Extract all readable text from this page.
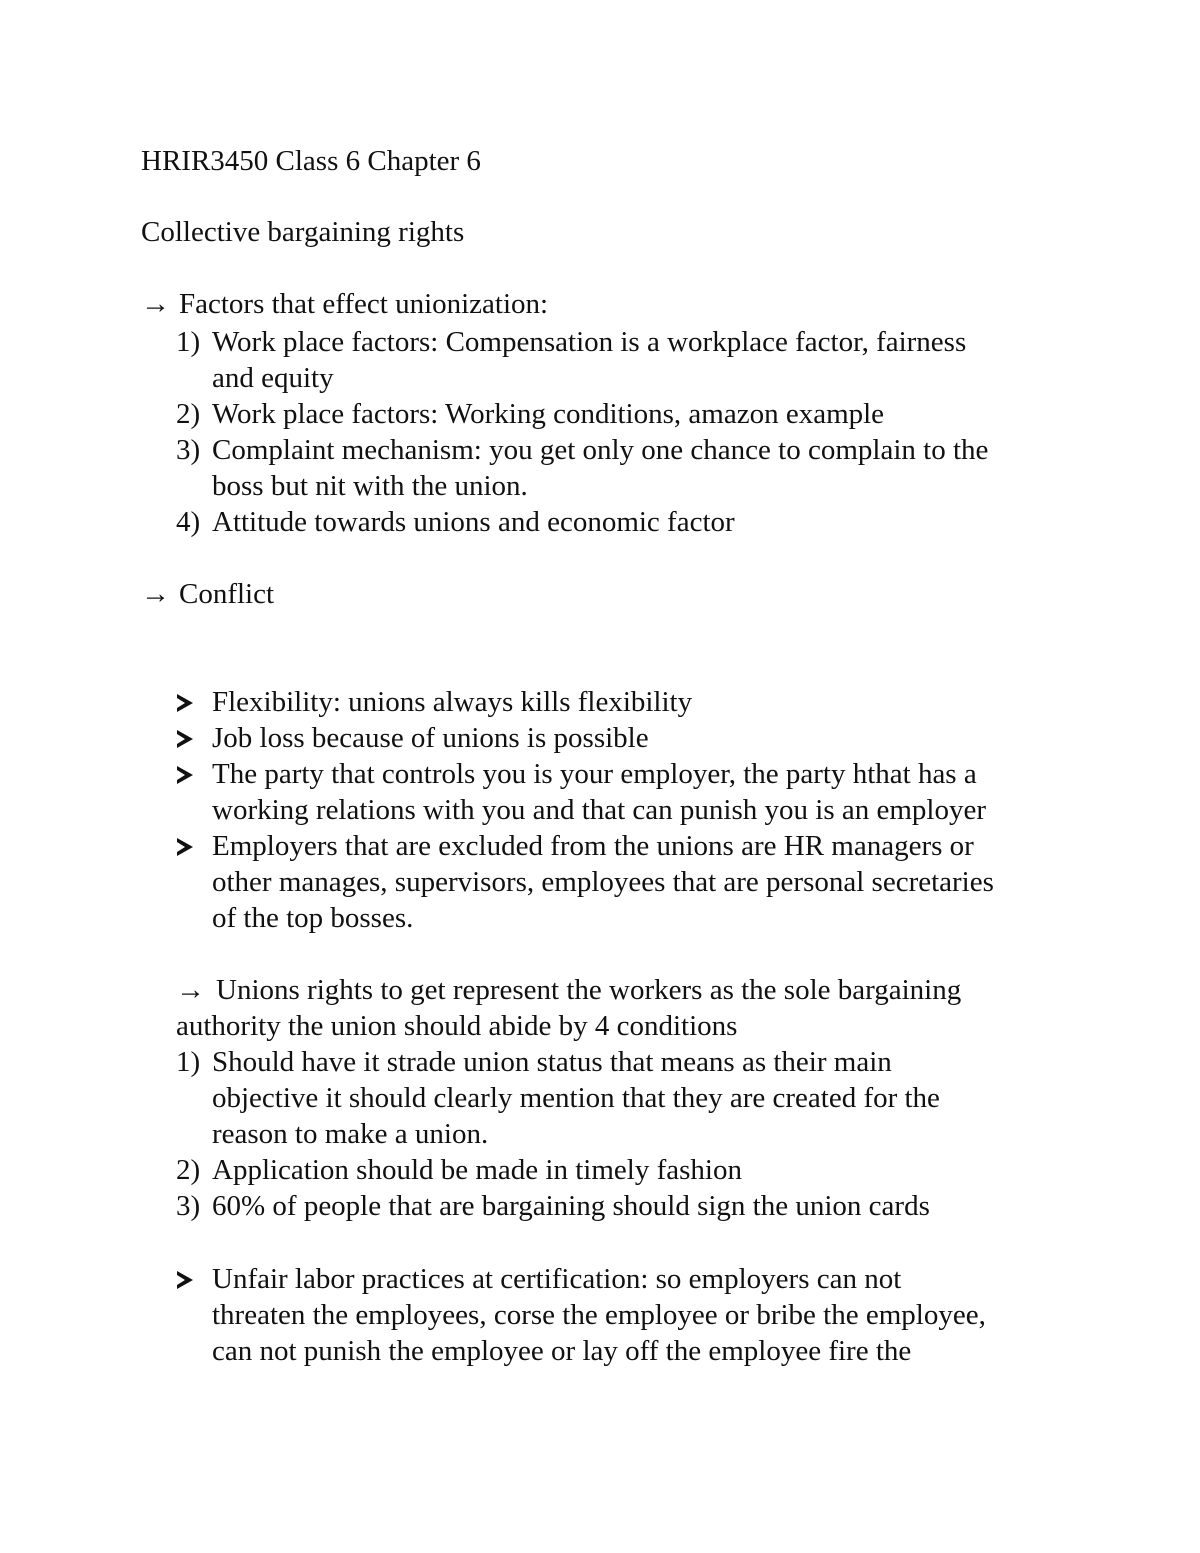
HRIR3450 Class 6 Chapter 6
Collective bargaining rights
→ Factors that effect unionization:
1) Work place factors: Compensation is a workplace factor, fairness
and equity
2) Work place factors: Working conditions, amazon example
3) Complaint mechanism: you get only one chance to complain to the
boss but nit with the union.
4) Attitude towards unions and economic factor
→ Conflict
Flexibility: unions always kills flexibility
Job loss because of unions is possible
The party that controls you is your employer, the party hthat has a
working relations with you and that can punish you is an employer
Employers that are excluded from the unions are HR managers or
other manages, supervisors, employees that are personal secretaries
of the top bosses.
→ Unions rights to get represent the workers as the sole bargaining
authority the union should abide by 4 conditions
1) Should have it strade union status that means as their main
objective it should clearly mention that they are created for the
reason to make a union.
2) Application should be made in timely fashion
3) 60% of people that are bargaining should sign the union cards
Unfair labor practices at certification: so employers can not
threaten the employees, corse the employee or bribe the employee,
can not punish the employee or lay off the employee fire the
